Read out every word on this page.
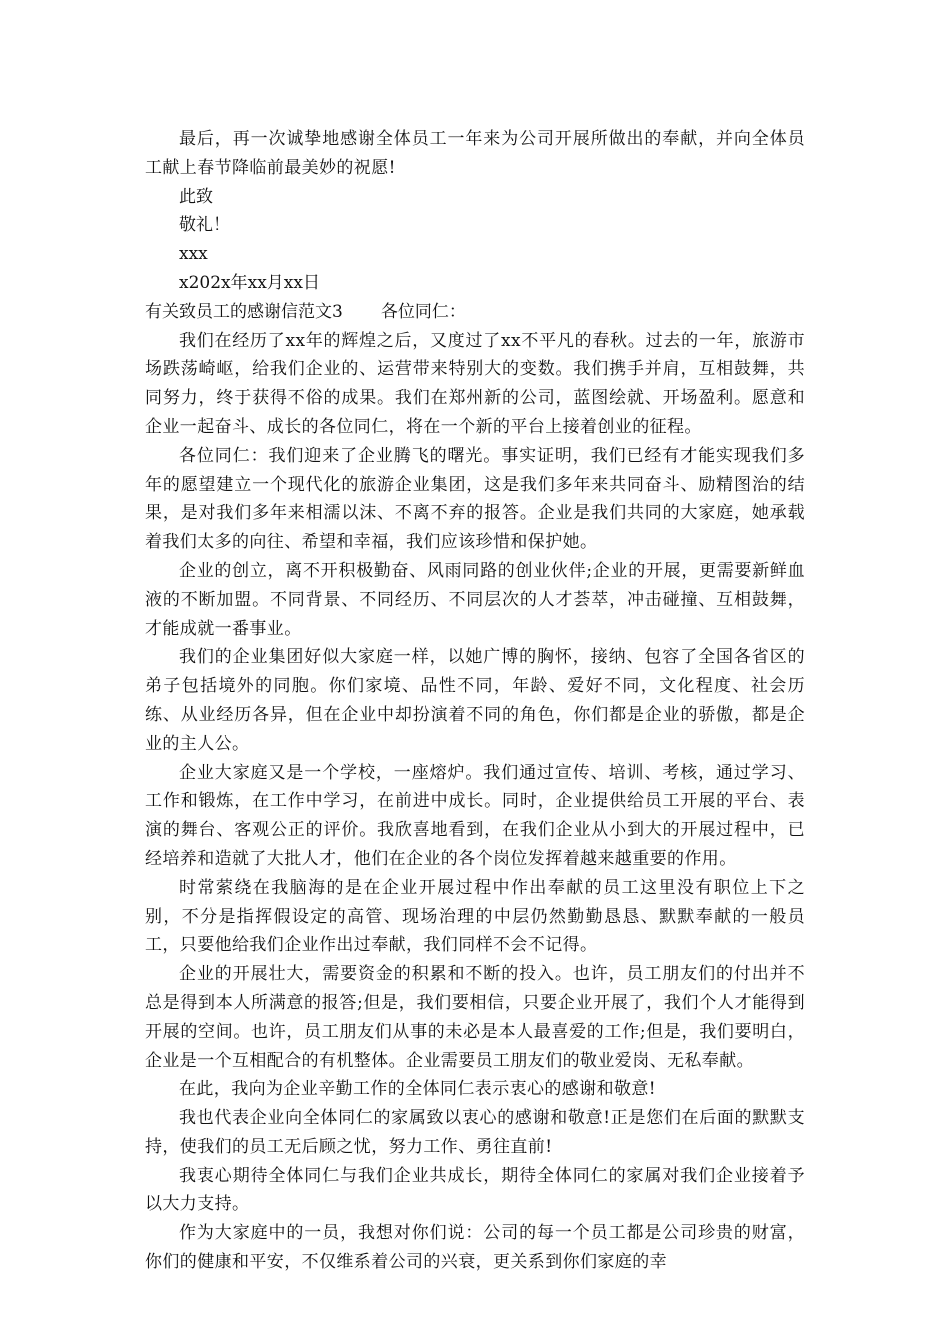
最后，再一次诚挚地感谢全体员工一年来为公司开展所做出的奉献，并向全体员工献上春节降临前最美妙的祝愿!

此致

敬礼！

xxx

x202x年xx月xx日

有关致员工的感谢信范文3 各位同仁：

我们在经历了xx年的辉煌之后，又度过了xx不平凡的春秋。过去的一年，旅游市场跌荡崎岖，给我们企业的、运营带来特别大的变数。我们携手并肩，互相鼓舞，共同努力，终于获得不俗的成果。我们在郑州新的公司，蓝图绘就、开场盈利。愿意和企业一起奋斗、成长的各位同仁，将在一个新的平台上接着创业的征程。

各位同仁：我们迎来了企业腾飞的曙光。事实证明，我们已经有才能实现我们多年的愿望建立一个现代化的旅游企业集团，这是我们多年来共同奋斗、励精图治的结果，是对我们多年来相濡以沫、不离不弃的报答。企业是我们共同的大家庭，她承载着我们太多的向往、希望和幸福，我们应该珍惜和保护她。

企业的创立，离不开积极勤奋、风雨同路的创业伙伴;企业的开展，更需要新鲜血液的不断加盟。不同背景、不同经历、不同层次的人才荟萃，冲击碰撞、互相鼓舞，才能成就一番事业。

我们的企业集团好似大家庭一样，以她广博的胸怀，接纳、包容了全国各省区的弟子包括境外的同胞。你们家境、品性不同，年龄、爱好不同，文化程度、社会历练、从业经历各异，但在企业中却扮演着不同的角色，你们都是企业的骄傲，都是企业的主人公。

企业大家庭又是一个学校，一座熔炉。我们通过宣传、培训、考核，通过学习、工作和锻炼，在工作中学习，在前进中成长。同时，企业提供给员工开展的平台、表演的舞台、客观公正的评价。我欣喜地看到，在我们企业从小到大的开展过程中，已经培养和造就了大批人才，他们在企业的各个岗位发挥着越来越重要的作用。

时常萦绕在我脑海的是在企业开展过程中作出奉献的员工这里没有职位上下之别，不分是指挥假设定的高管、现场治理的中层仍然勤勤恳恳、默默奉献的一般员工，只要他给我们企业作出过奉献，我们同样不会不记得。

企业的开展壮大，需要资金的积累和不断的投入。也许，员工朋友们的付出并不总是得到本人所满意的报答;但是，我们要相信，只要企业开展了，我们个人才能得到开展的空间。也许，员工朋友们从事的未必是本人最喜爱的工作;但是，我们要明白，企业是一个互相配合的有机整体。企业需要员工朋友们的敬业爱岗、无私奉献。

在此，我向为企业辛勤工作的全体同仁表示衷心的感谢和敬意!

我也代表企业向全体同仁的家属致以衷心的感谢和敬意!正是您们在后面的默默支持，使我们的员工无后顾之忧，努力工作、勇往直前!

我衷心期待全体同仁与我们企业共成长，期待全体同仁的家属对我们企业接着予以大力支持。

作为大家庭中的一员，我想对你们说：公司的每一个员工都是公司珍贵的财富，你们的健康和平安，不仅维系着公司的兴衰，更关系到你们家庭的幸
